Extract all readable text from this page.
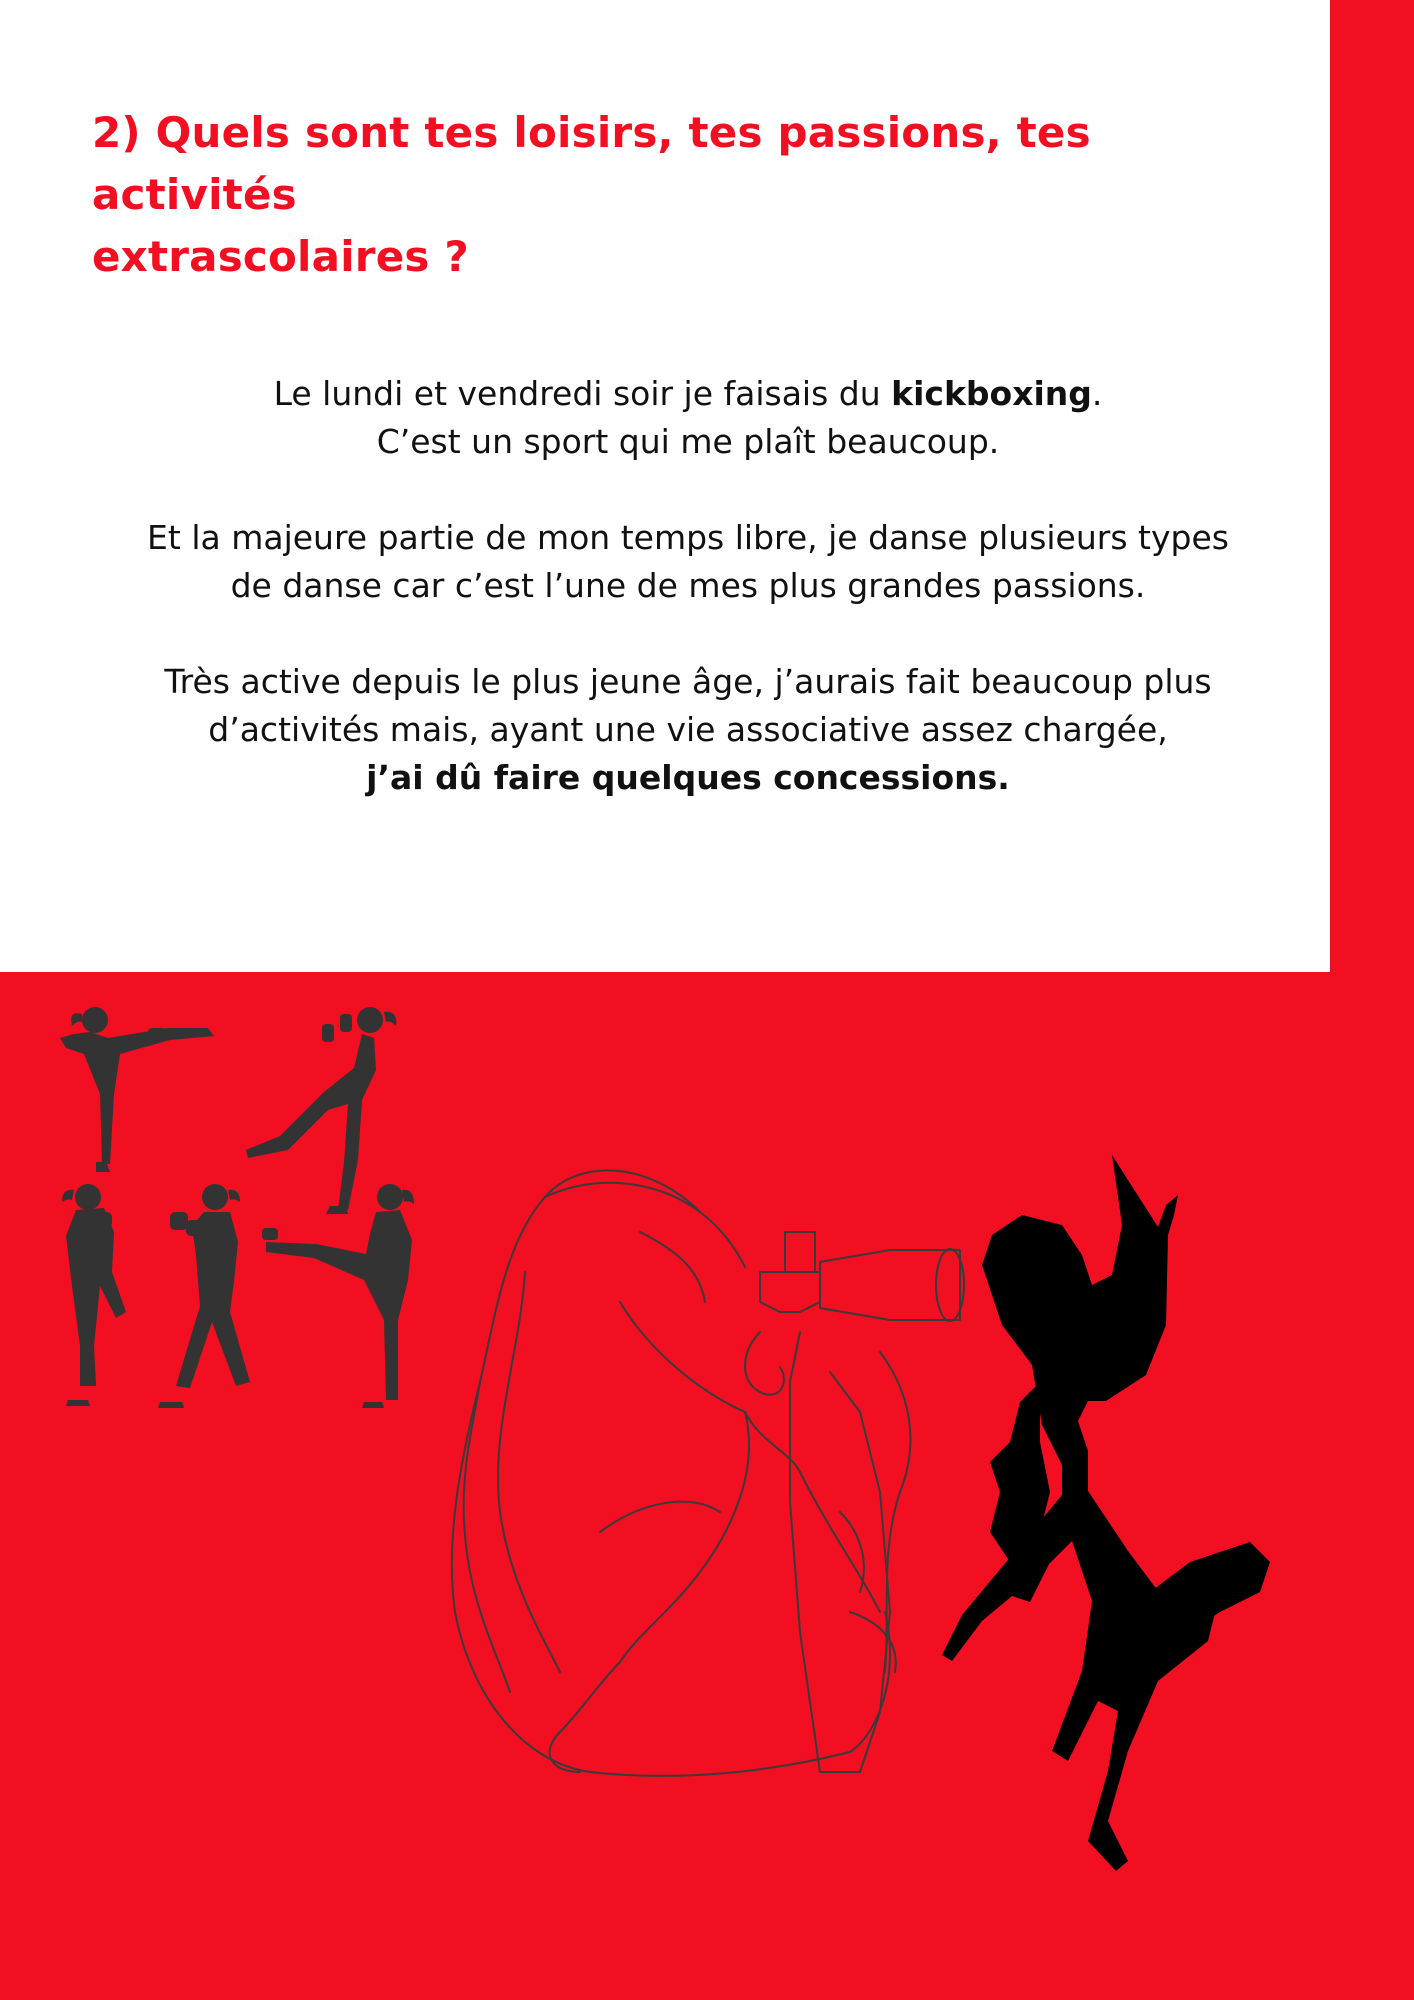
2) Quels sont tes loisirs, tes passions, tes activités
extrascolaires ?

Le lundi et vendredi soir je faisais du kickboxing.
C’est un sport qui me plaît beaucoup.

Et la majeure partie de mon temps libre, je danse plusieurs types
de danse car c’est l’une de mes plus grandes passions.

Très active depuis le plus jeune âge, j’aurais fait beaucoup plus
d’activités mais, ayant une vie associative assez chargée,
j’ai dû faire quelques concessions.
